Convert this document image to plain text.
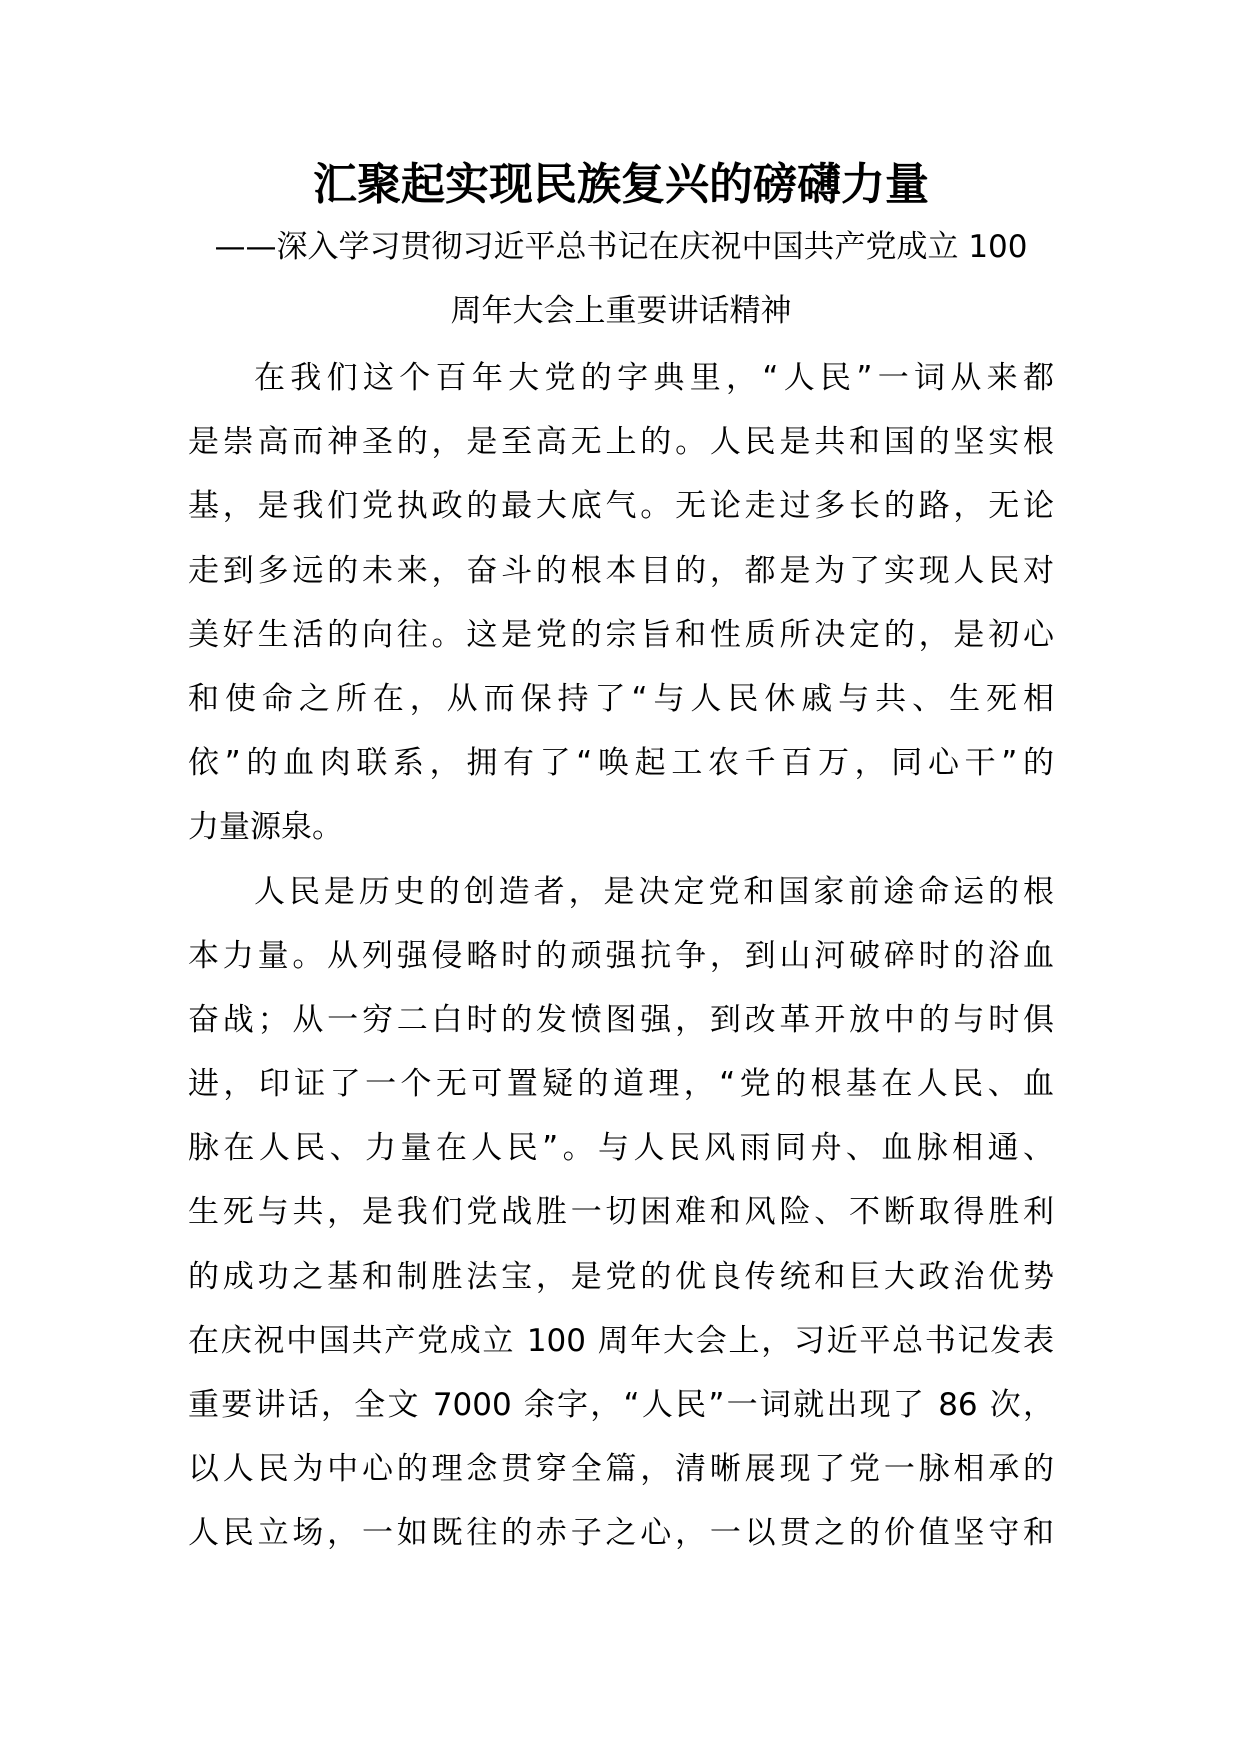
汇聚起实现民族复兴的磅礴力量
——深入学习贯彻习近平总书记在庆祝中国共产党成立 100
周年大会上重要讲话精神
在我们这个百年大党的字典里，“人民”一词从来都
是崇高而神圣的，是至高无上的。人民是共和国的坚实根
基，是我们党执政的最大底气。无论走过多长的路，无论
走到多远的未来，奋斗的根本目的，都是为了实现人民对
美好生活的向往。这是党的宗旨和性质所决定的，是初心
和使命之所在，从而保持了“与人民休戚与共、生死相
依”的血肉联系，拥有了“唤起工农千百万，同心干”的
力量源泉。
人民是历史的创造者，是决定党和国家前途命运的根
本力量。从列强侵略时的顽强抗争，到山河破碎时的浴血
奋战；从一穷二白时的发愤图强，到改革开放中的与时俱
进，印证了一个无可置疑的道理，“党的根基在人民、血
脉在人民、力量在人民”。与人民风雨同舟、血脉相通、
生死与共，是我们党战胜一切困难和风险、不断取得胜利
的成功之基和制胜法宝，是党的优良传统和巨大政治优势
在庆祝中国共产党成立 100 周年大会上，习近平总书记发表
重要讲话，全文 7000 余字，“人民”一词就出现了 86 次，
以人民为中心的理念贯穿全篇，清晰展现了党一脉相承的
人民立场，一如既往的赤子之心，一以贯之的价值坚守和
